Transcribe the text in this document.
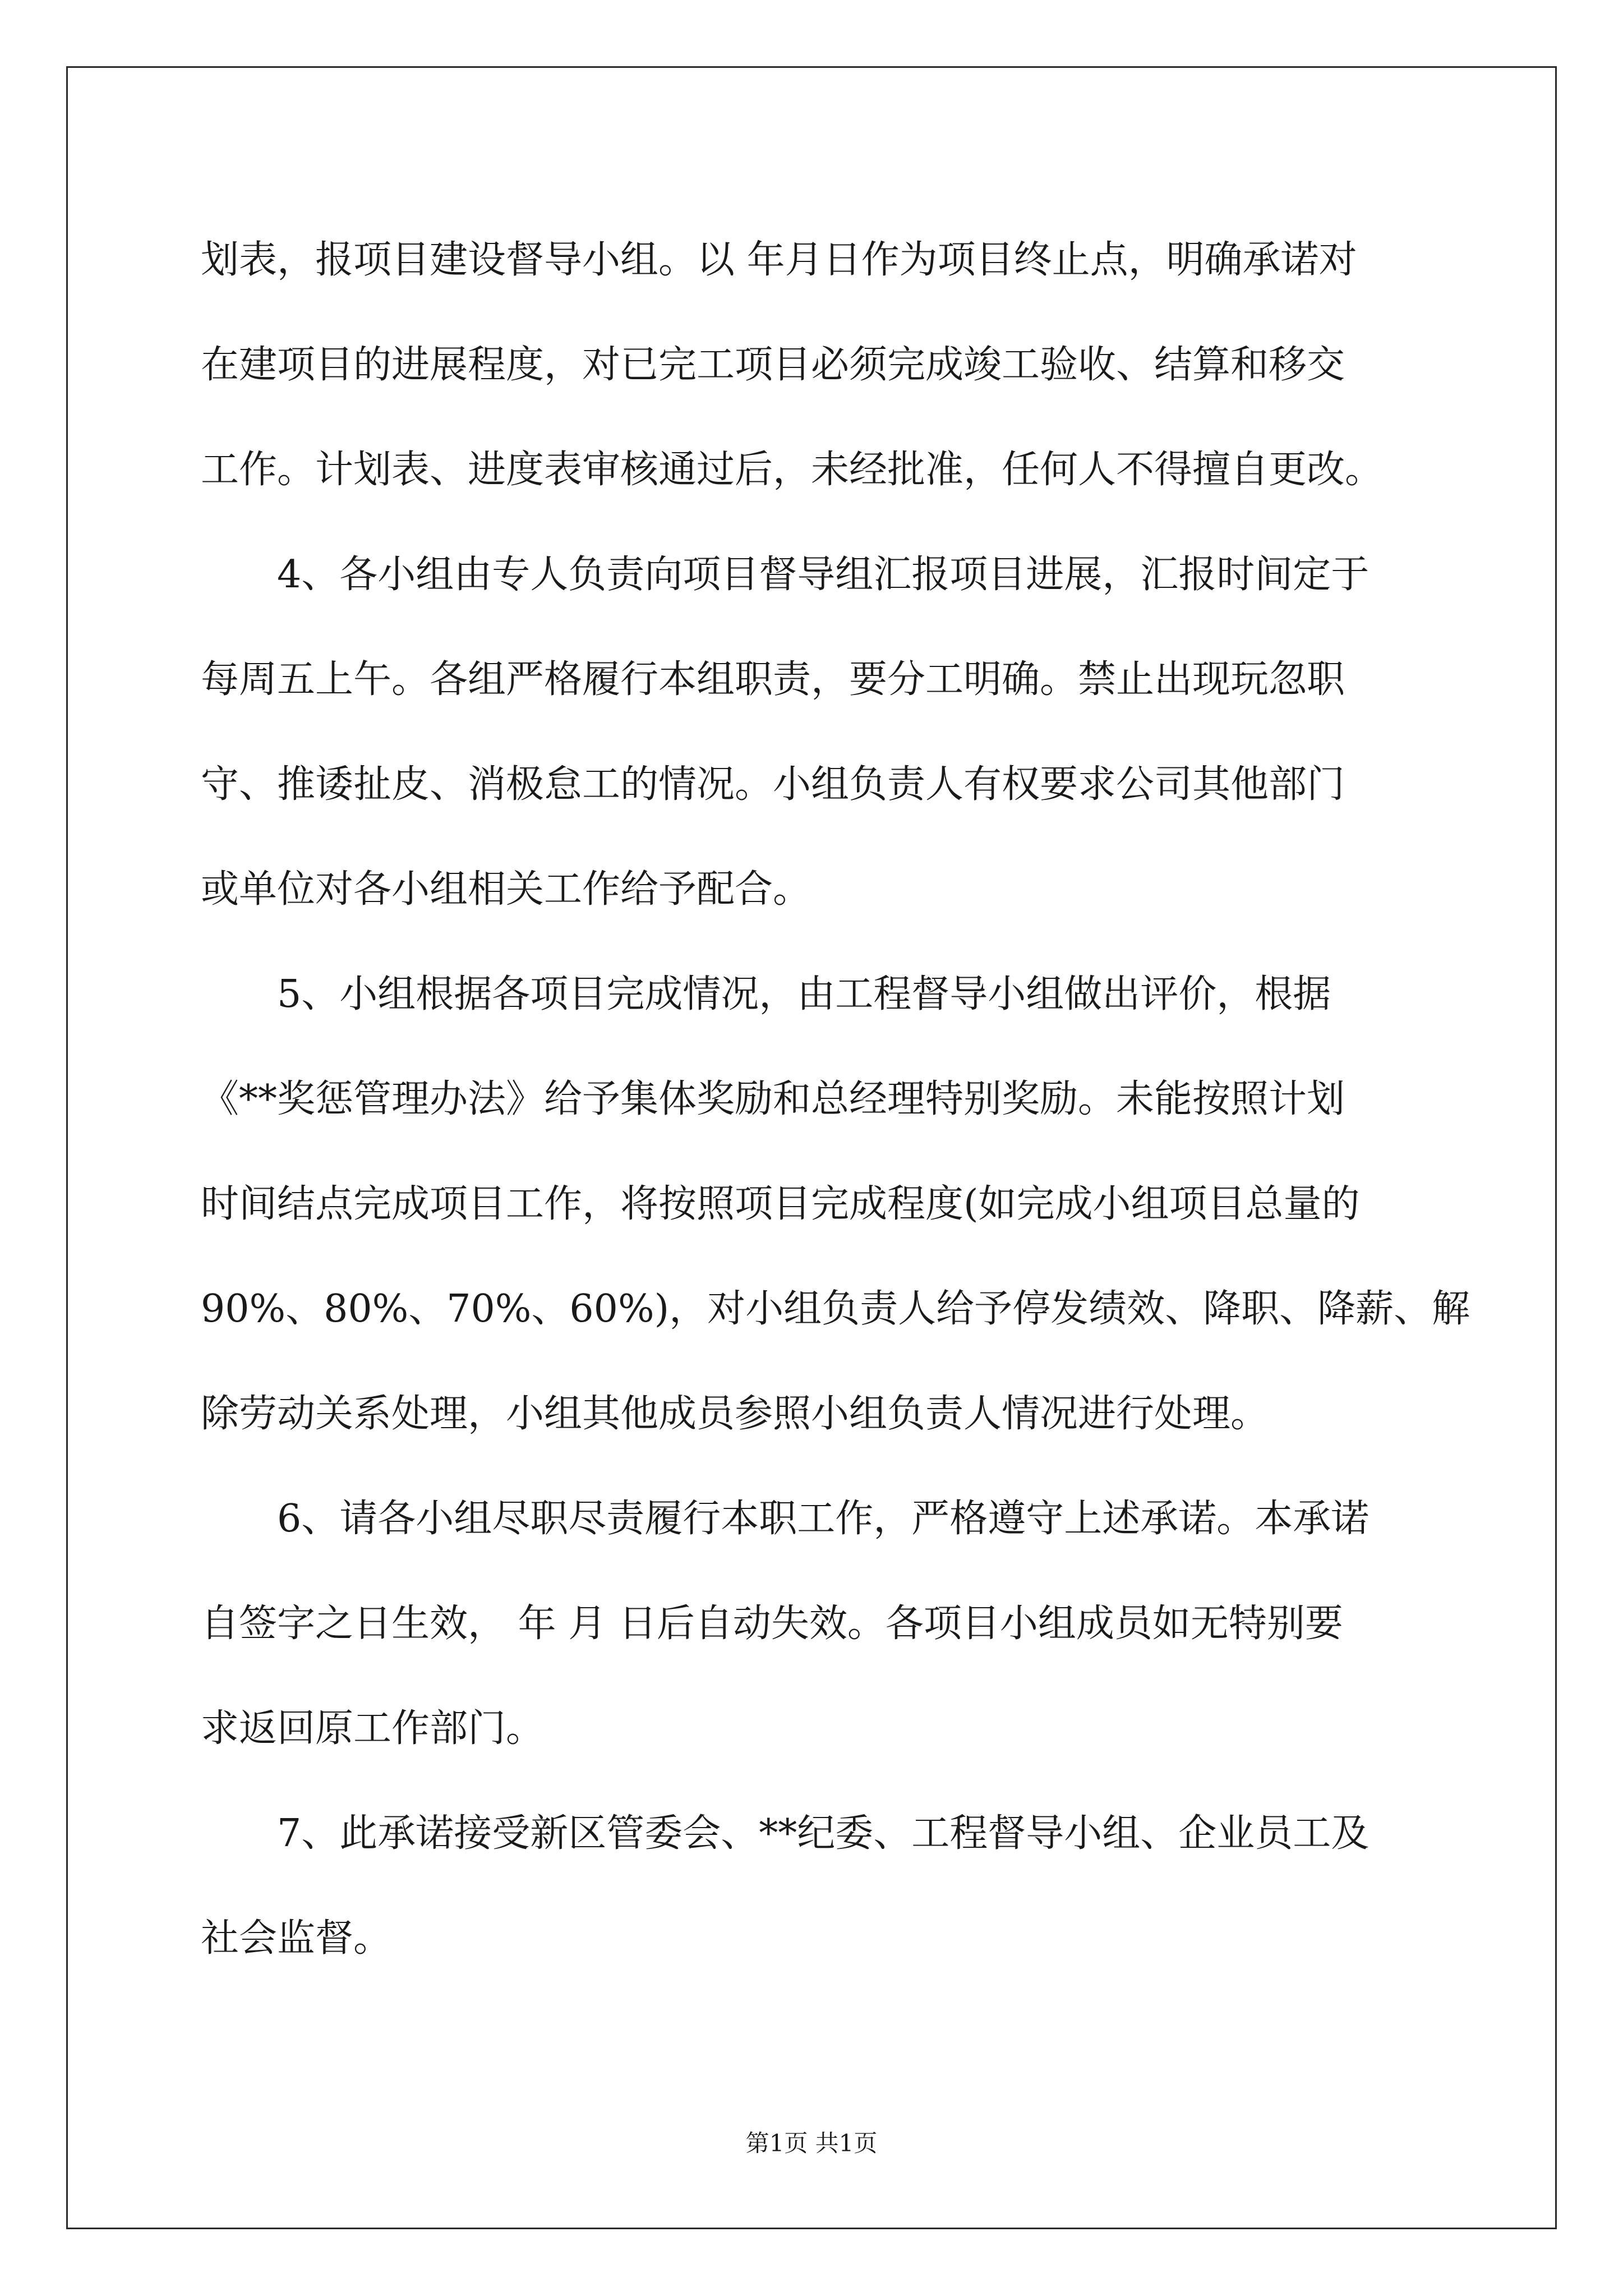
划表，报项目建设督导小组。以 年月日作为项目终止点，明确承诺对
在建项目的进展程度，对已完工项目必须完成竣工验收、结算和移交
工作。计划表、进度表审核通过后，未经批准，任何人不得擅自更改。
　　4、各小组由专人负责向项目督导组汇报项目进展，汇报时间定于
每周五上午。各组严格履行本组职责，要分工明确。禁止出现玩忽职
守、推诿扯皮、消极怠工的情况。小组负责人有权要求公司其他部门
或单位对各小组相关工作给予配合。
　　5、小组根据各项目完成情况，由工程督导小组做出评价，根据
《**奖惩管理办法》给予集体奖励和总经理特别奖励。未能按照计划
时间结点完成项目工作，将按照项目完成程度(如完成小组项目总量的
90%、80%、70%、60%)，对小组负责人给予停发绩效、降职、降薪、解
除劳动关系处理，小组其他成员参照小组负责人情况进行处理。
　　6、请各小组尽职尽责履行本职工作，严格遵守上述承诺。本承诺
自签字之日生效， 年 月 日后自动失效。各项目小组成员如无特别要
求返回原工作部门。
　　7、此承诺接受新区管委会、**纪委、工程督导小组、企业员工及
社会监督。
第1页 共1页
